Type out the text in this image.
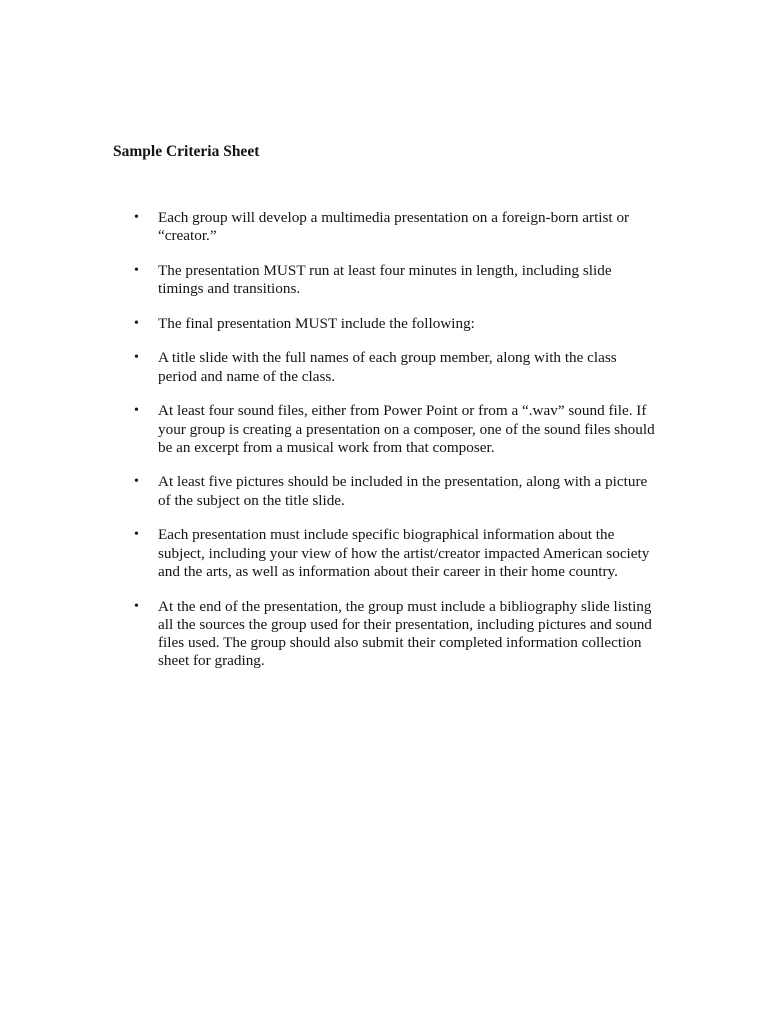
Sample Criteria Sheet
• Each group will develop a multimedia presentation on a foreign-born artist or “creator.”
• The presentation MUST run at least four minutes in length, including slide timings and transitions.
• The final presentation MUST include the following:
• A title slide with the full names of each group member, along with the class period and name of the class.
• At least four sound files, either from Power Point or from a “.wav” sound file. If your group is creating a presentation on a composer, one of the sound files should be an excerpt from a musical work from that composer.
• At least five pictures should be included in the presentation, along with a picture of the subject on the title slide.
• Each presentation must include specific biographical information about the subject, including your view of how the artist/creator impacted American society and the arts, as well as information about their career in their home country.
• At the end of the presentation, the group must include a bibliography slide listing all the sources the group used for their presentation, including pictures and sound files used. The group should also submit their completed information collection sheet for grading.
